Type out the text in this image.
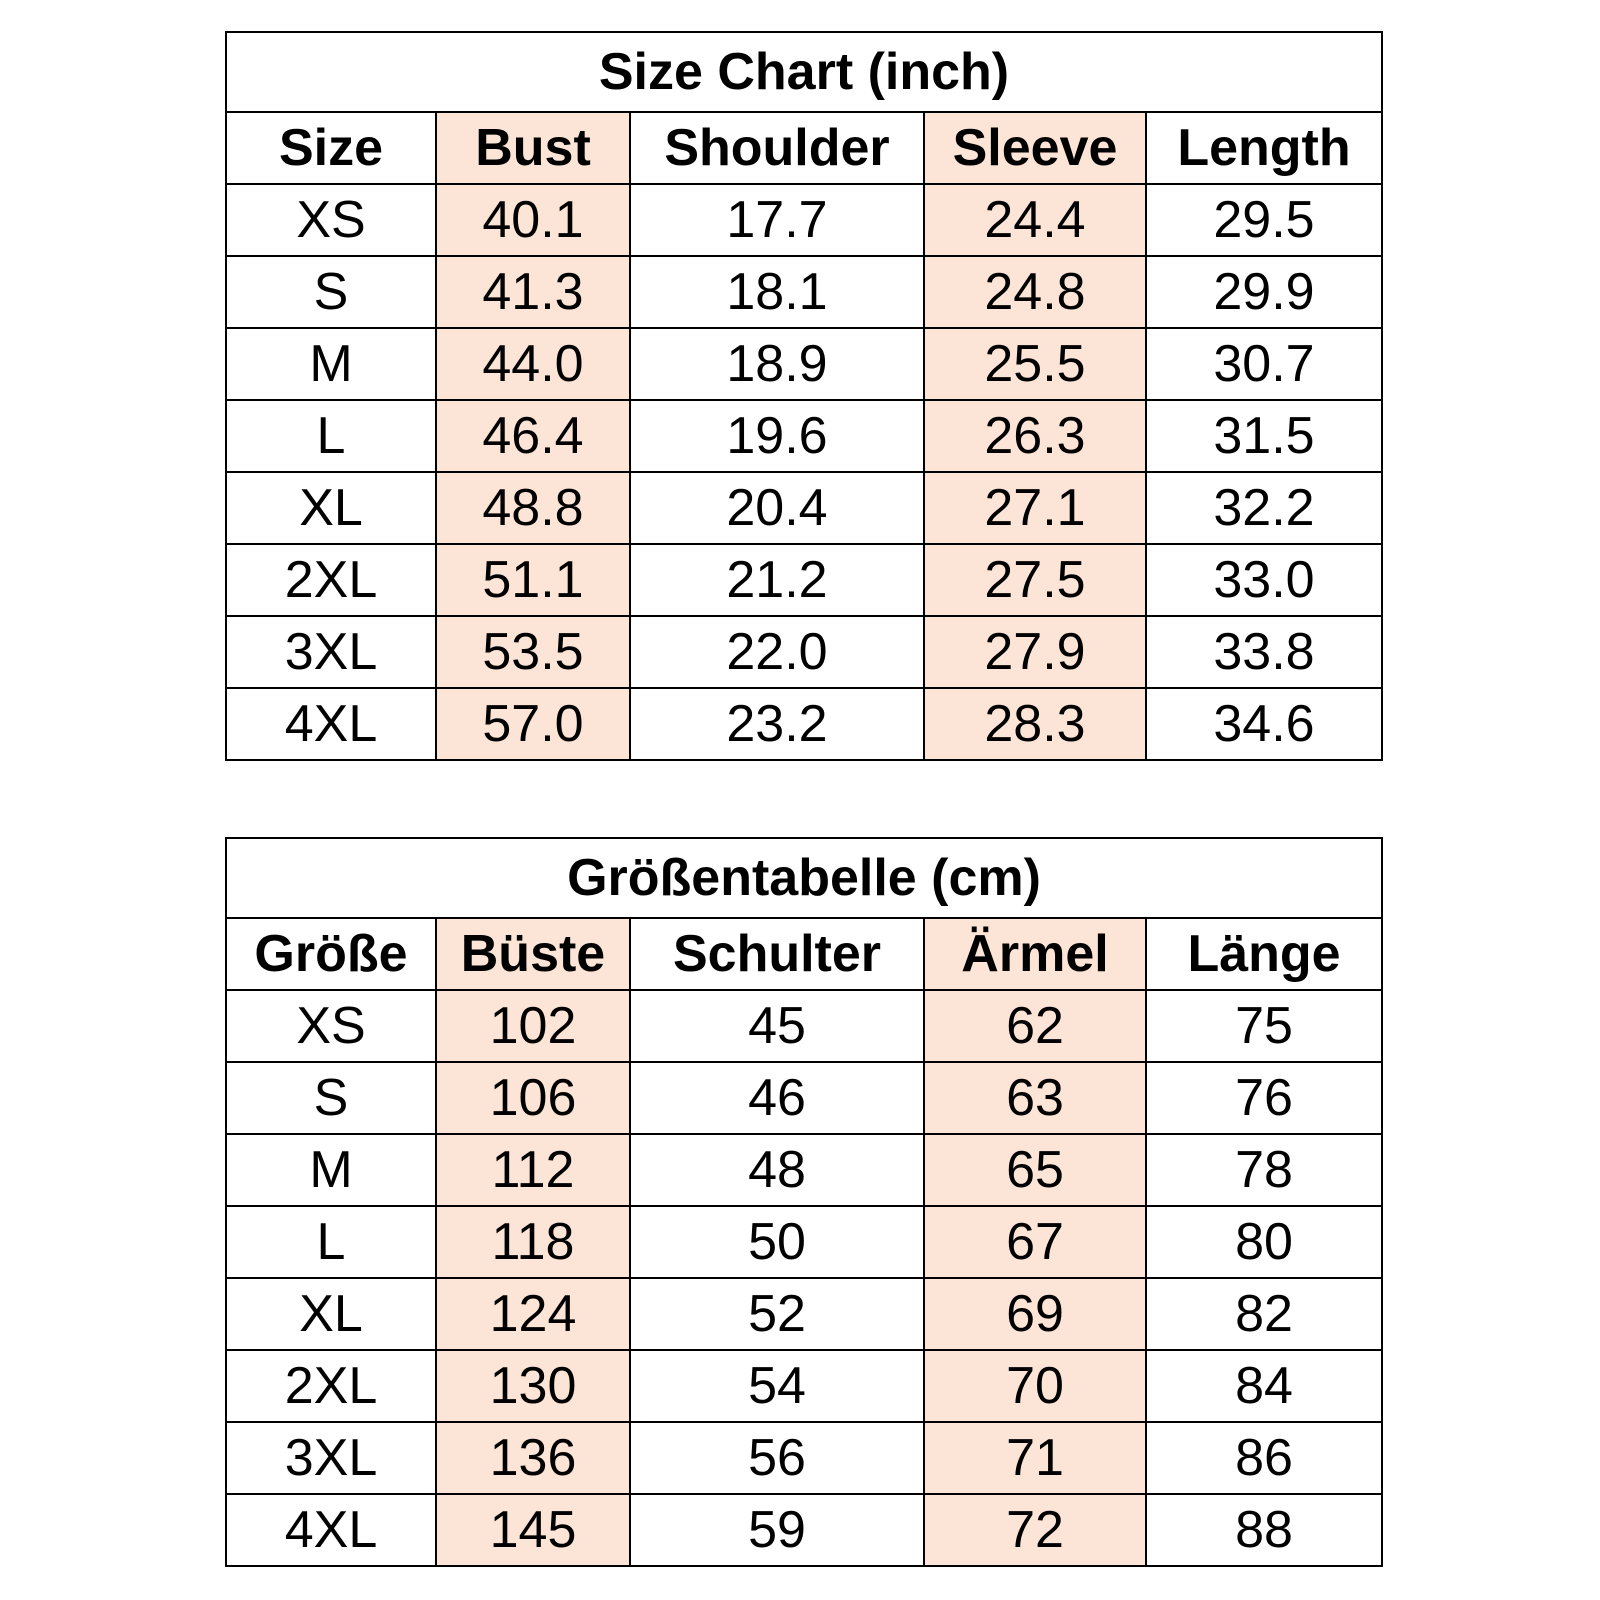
Size Chart (inch)				
Size	Bust	Shoulder	Sleeve	Length
XS	40.1	17.7	24.4	29.5
S	41.3	18.1	24.8	29.9
M	44.0	18.9	25.5	30.7
L	46.4	19.6	26.3	31.5
XL	48.8	20.4	27.1	32.2
2XL	51.1	21.2	27.5	33.0
3XL	53.5	22.0	27.9	33.8
4XL	57.0	23.2	28.3	34.6
Größentabelle (cm)				
Größe	Büste	Schulter	Ärmel	Länge
XS	102	45	62	75
S	106	46	63	76
M	112	48	65	78
L	118	50	67	80
XL	124	52	69	82
2XL	130	54	70	84
3XL	136	56	71	86
4XL	145	59	72	88
